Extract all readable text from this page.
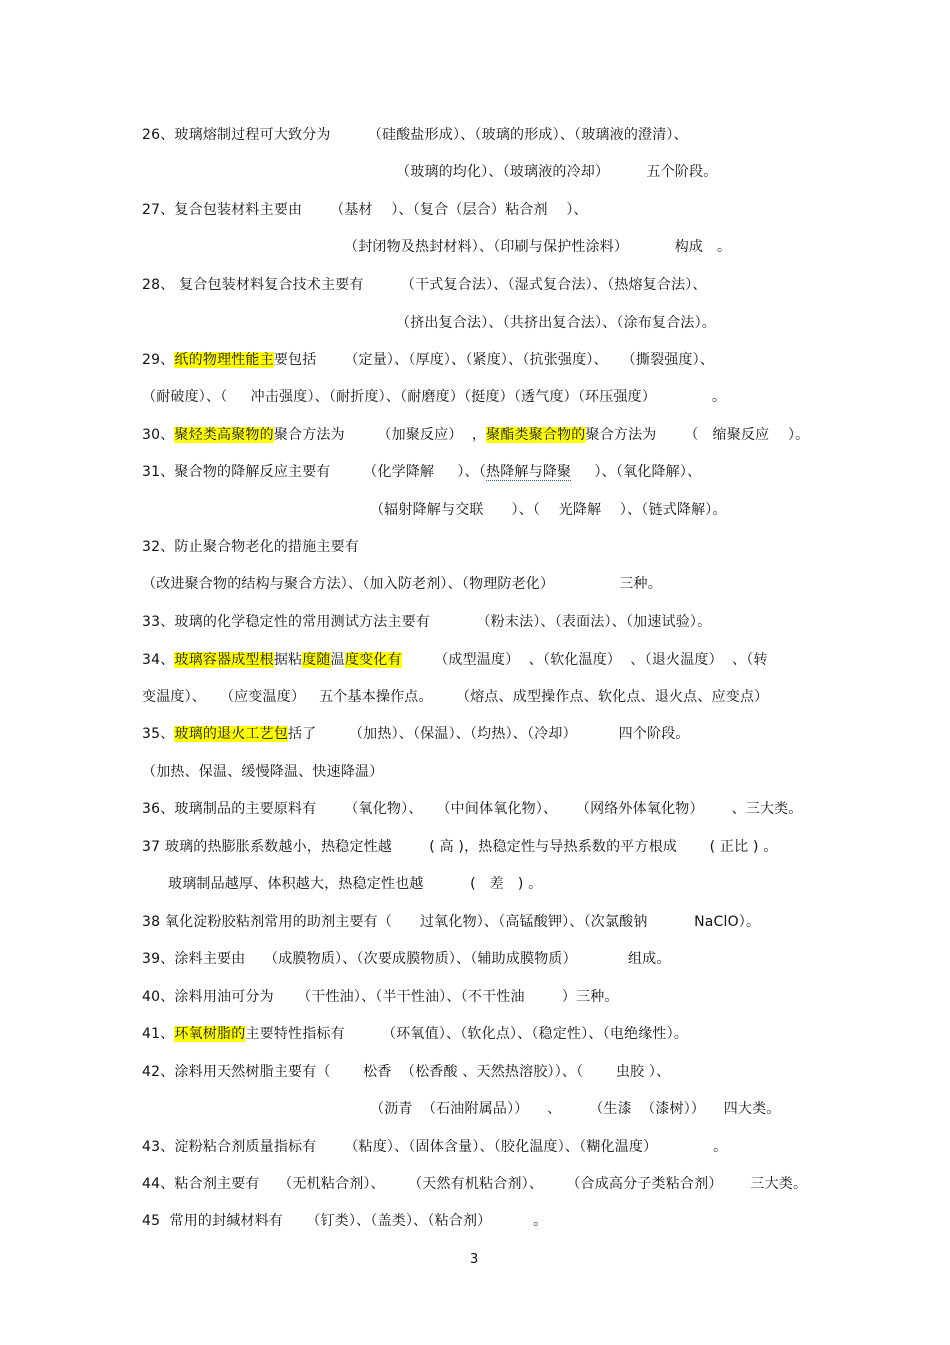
26、玻璃熔制过程可大致分为        （硅酸盐形成）、（玻璃的形成）、（玻璃液的澄清）、
（玻璃的均化）、（玻璃液的冷却）        五个阶段。
27、复合包装材料主要由      （基材    ）、（复合（层合）粘合剂    ）、
（封闭物及热封材料）、（印刷与保护性涂料）          构成   。
28、 复合包装材料复合技术主要有        （干式复合法）、（湿式复合法）、（热熔复合法）、
（挤出复合法）、（共挤出复合法）、（涂布复合法）。
29、纸的物理性能主要包括      （定量）、（厚度）、（紧度）、（抗张强度）、   （撕裂强度）、
（耐破度）、（     冲击强度）、（耐折度）、（耐磨度）（挺度）（透气度）（环压强度）            。
30、聚烃类高聚物的聚合方法为       （加聚反应）  ，聚酯类聚合物的聚合方法为      （   缩聚反应    ）。
31、聚合物的降解反应主要有       （化学降解     ）、（热降解与降聚     ）、（氧化降解）、
（辐射降解与交联      ）、（    光降解    ）、（链式降解）。
32、防止聚合物老化的措施主要有
（改进聚合物的结构与聚合方法）、（加入防老剂）、（物理防老化）              三种。
33、玻璃的化学稳定性的常用测试方法主要有          （粉末法）、（表面法）、（加速试验）。
34、玻璃容器成型根据粘度随温度变化有       （成型温度）  、（软化温度）  、（退火温度）  、（转
变温度）、   （应变温度）   五个基本操作点。     （熔点、成型操作点、软化点、退火点、应变点）
35、玻璃的退火工艺包括了       （加热）、（保温）、（均热）、（冷却）         四个阶段。
（加热、保温、缓慢降温、快速降温）
36、玻璃制品的主要原料有      （氧化物）、   （中间体氧化物）、    （网络外体氧化物）      、三大类。
37 玻璃的热膨胀系数越小，热稳定性越        ( 高 )，热稳定性与导热系数的平方根成       ( 正比 ) 。
玻璃制品越厚、体积越大，热稳定性也越          (   差   ) 。
38 氧化淀粉胶粘剂常用的助剂主要有（      过氧化物）、（高锰酸钾）、（次氯酸钠          NaClO）。
39、涂料主要由    （成膜物质）、（次要成膜物质）、（辅助成膜物质）           组成。
40、涂料用油可分为     （干性油）、（半干性油）、（不干性油        ）三种。
41、环氧树脂的主要特性指标有        （环氧值）、（软化点）、（稳定性）、（电绝缘性）。
42、涂料用天然树脂主要有（       松香  （松香酸 、天然热溶胶））、（       虫胶 ）、
（沥青  （石油附属品））    、      （生漆  （漆树））    四大类。
43、淀粉粘合剂质量指标有      （粘度）、（固体含量）、（胶化温度）、（糊化温度）            。
44、粘合剂主要有    （无机粘合剂）、     （天然有机粘合剂）、     （合成高分子类粘合剂）      三大类。
45  常用的封缄材料有     （钉类）、（盖类）、（粘合剂）         。
3
